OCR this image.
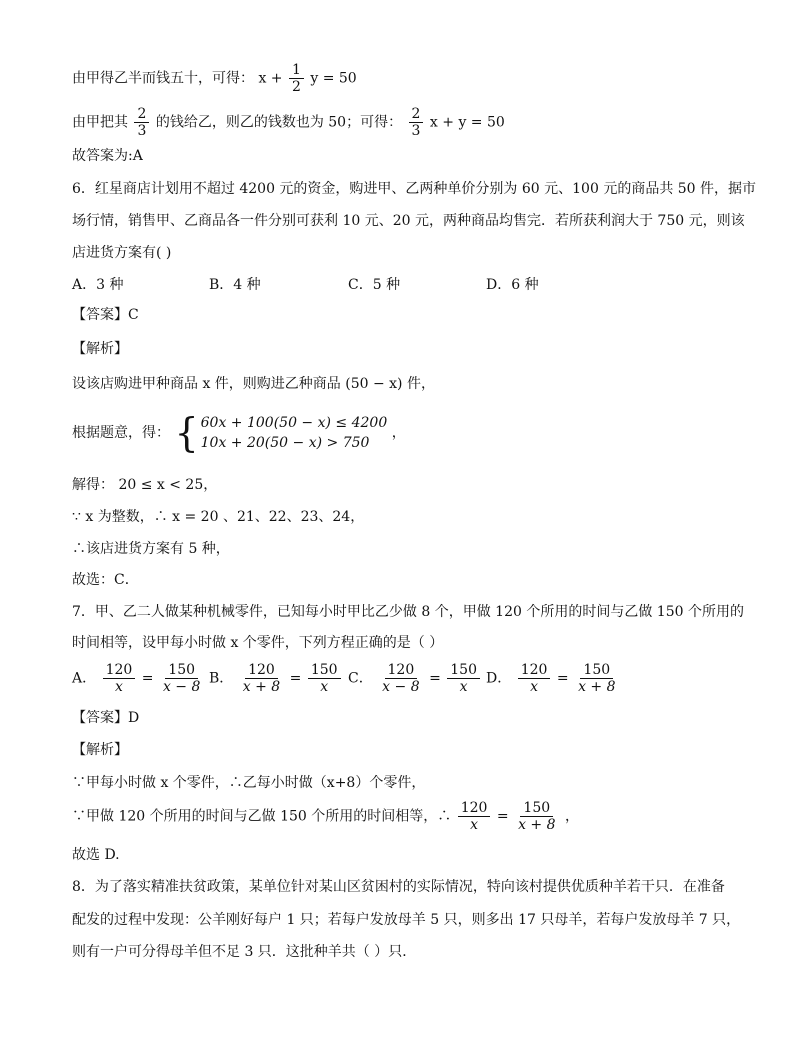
由甲得乙半而钱五十，可得： $x + \frac{1}{2}$ y = 50
由甲把其 $\frac{2}{3}$ 的钱给乙，则乙的钱数也为 50；可得： $\frac{2}{3}$ x + y = 50
故答案为:A
6．红星商店计划用不超过 4200 元的资金，购进甲、乙两种单价分别为 60 元、100 元的商品共 50 件，据市
场行情，销售甲、乙商品各一件分别可获利 10 元、20 元，两种商品均售完．若所获利润大于 750 元，则该
店进货方案有( )
A．3 种	B．4 种	C．5 种	D．6 种
【答案】C
【解析】
设该店购进甲种商品 x 件，则购进乙种商品 (50 − x) 件，
根据题意，得： { 60x + 100(50 − x) ≤ 4200
10x + 20(50 − x) > 750
，
解得： 20 ≤ x < 25，
∵ x 为整数，∴ x = 20 、21、22、23、24，
∴该店进货方案有 5 种，
故选：C．
7．甲、乙二人做某种机械零件，已知每小时甲比乙少做 8 个，甲做 120 个所用的时间与乙做 150 个所用的
时间相等，设甲每小时做 x 个零件，下列方程正确的是（ ）
A． $\frac{120}{x} = \frac{150}{x - 8}$ B． $\frac{120}{x + 8} = \frac{150}{x}$ C． $\frac{120}{x - 8} = \frac{150}{x}$ D． $\frac{120}{x} = \frac{150}{x + 8}$
【答案】D
【解析】
∵甲每小时做 x 个零件，∴乙每小时做（x+8）个零件，
∵甲做 120 个所用的时间与乙做 150 个所用的时间相等，∴ $\frac{120}{x} = \frac{150}{x + 8}$ ，
故选 D.
8．为了落实精准扶贫政策，某单位针对某山区贫困村的实际情况，特向该村提供优质种羊若干只．在准备
配发的过程中发现：公羊刚好每户 1 只；若每户发放母羊 5 只，则多出 17 只母羊，若每户发放母羊 7 只，
则有一户可分得母羊但不足 3 只．这批种羊共（ ）只．
